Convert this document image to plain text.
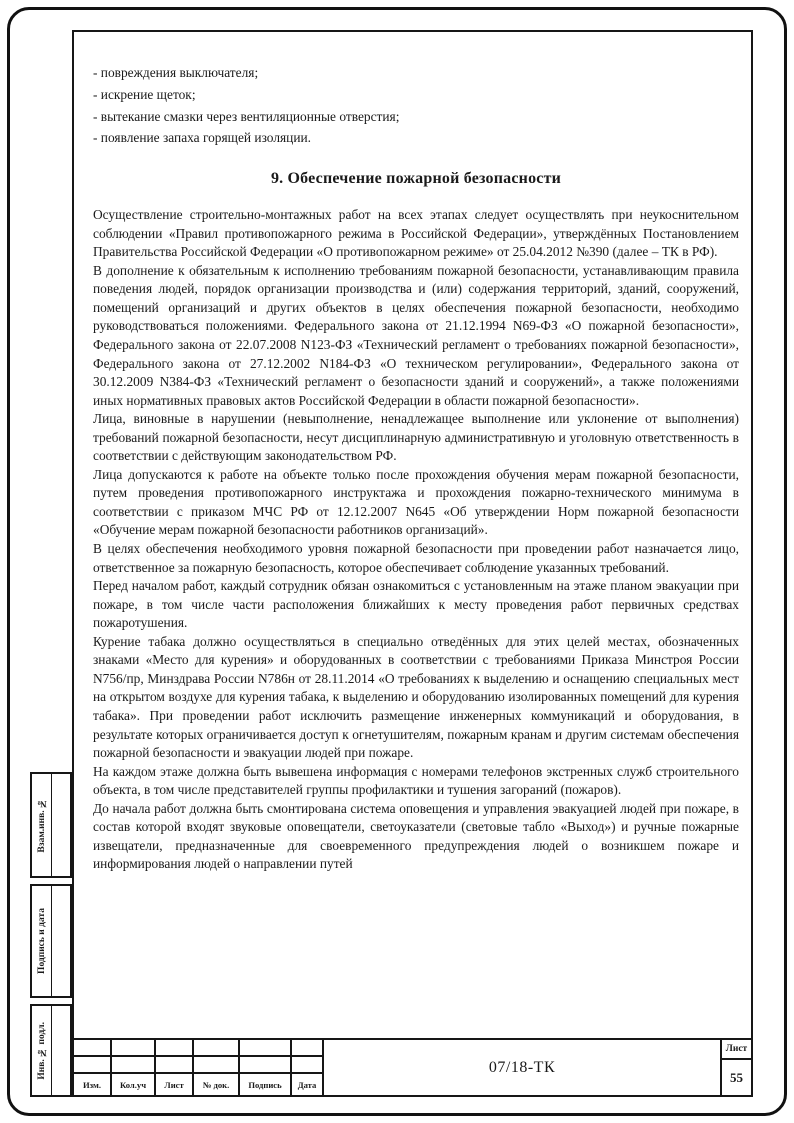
Взам.инв. №
Подпись и дата
Инв. № подл.
- повреждения выключателя;
- искрение щеток;
- вытекание смазки через вентиляционные отверстия;
- появление запаха горящей изоляции.
9. Обеспечение пожарной безопасности

Осуществление строительно-монтажных работ на всех этапах следует осуществлять при неукоснительном соблюдении «Правил противопожарного режима в Российской Федерации», утверждённых Постановлением Правительства Российской Федерации «О противопожарном режиме» от 25.04.2012 №390 (далее – ТК в РФ).

В дополнение к обязательным к исполнению требованиям пожарной безопасности, устанавливающим правила поведения людей, порядок организации производства и (или) содержания территорий, зданий, сооружений, помещений организаций и других объектов в целях обеспечения пожарной безопасности, необходимо руководствоваться положениями. Федерального закона от 21.12.1994 N69-ФЗ «О пожарной безопасности», Федерального закона от 22.07.2008 N123-ФЗ «Технический регламент о требованиях пожарной безопасности», Федерального закона от 27.12.2002 N184-ФЗ «О техническом регулировании», Федерального закона от 30.12.2009 N384-ФЗ «Технический регламент о безопасности зданий и сооружений», а также положениями иных нормативных правовых актов Российской Федерации в области пожарной безопасности».

Лица, виновные в нарушении (невыполнение, ненадлежащее выполнение или уклонение от выполнения) требований пожарной безопасности, несут дисциплинарную административную и уголовную ответственность в соответствии с действующим законодательством РФ.

Лица допускаются к работе на объекте только после прохождения обучения мерам пожарной безопасности, путем проведения противопожарного инструктажа и прохождения пожарно-технического минимума в соответствии с приказом МЧС РФ от 12.12.2007 N645 «Об утверждении Норм пожарной безопасности «Обучение мерам пожарной безопасности работников организаций».

В целях обеспечения необходимого уровня пожарной безопасности при проведении работ назначается лицо, ответственное за пожарную безопасность, которое обеспечивает соблюдение указанных требований.

Перед началом работ, каждый сотрудник обязан ознакомиться с установленным на этаже планом эвакуации при пожаре, в том числе части расположения ближайших к месту проведения работ первичных средствах пожаротушения.

Курение табака должно осуществляться в специально отведённых для этих целей местах, обозначенных знаками «Место для курения» и оборудованных в соответствии с требованиями Приказа Минстроя России N756/пр, Минздрава России N786н от 28.11.2014 «О требованиях к выделению и оснащению специальных мест на открытом воздухе для курения табака, к выделению и оборудованию изолированных помещений для курения табака». При проведении работ исключить размещение инженерных коммуникаций и оборудования, в результате которых ограничивается доступ к огнетушителям, пожарным кранам и другим системам обеспечения пожарной безопасности и эвакуации людей при пожаре.

На каждом этаже должна быть вывешена информация с номерами телефонов экстренных служб строительного объекта, в том числе представителей группы профилактики и тушения загораний (пожаров).

До начала работ должна быть смонтирована система оповещения и управления эвакуацией людей при пожаре, в состав которой входят звуковые оповещатели, светоуказатели (световые табло «Выход») и ручные пожарные извещатели, предназначенные для своевременного предупреждения людей о возникшем пожаре и информирования людей о направлении путей

Изм. Кол.уч Лист № док. Подпись Дата
07/18-ТК
Лист
55
